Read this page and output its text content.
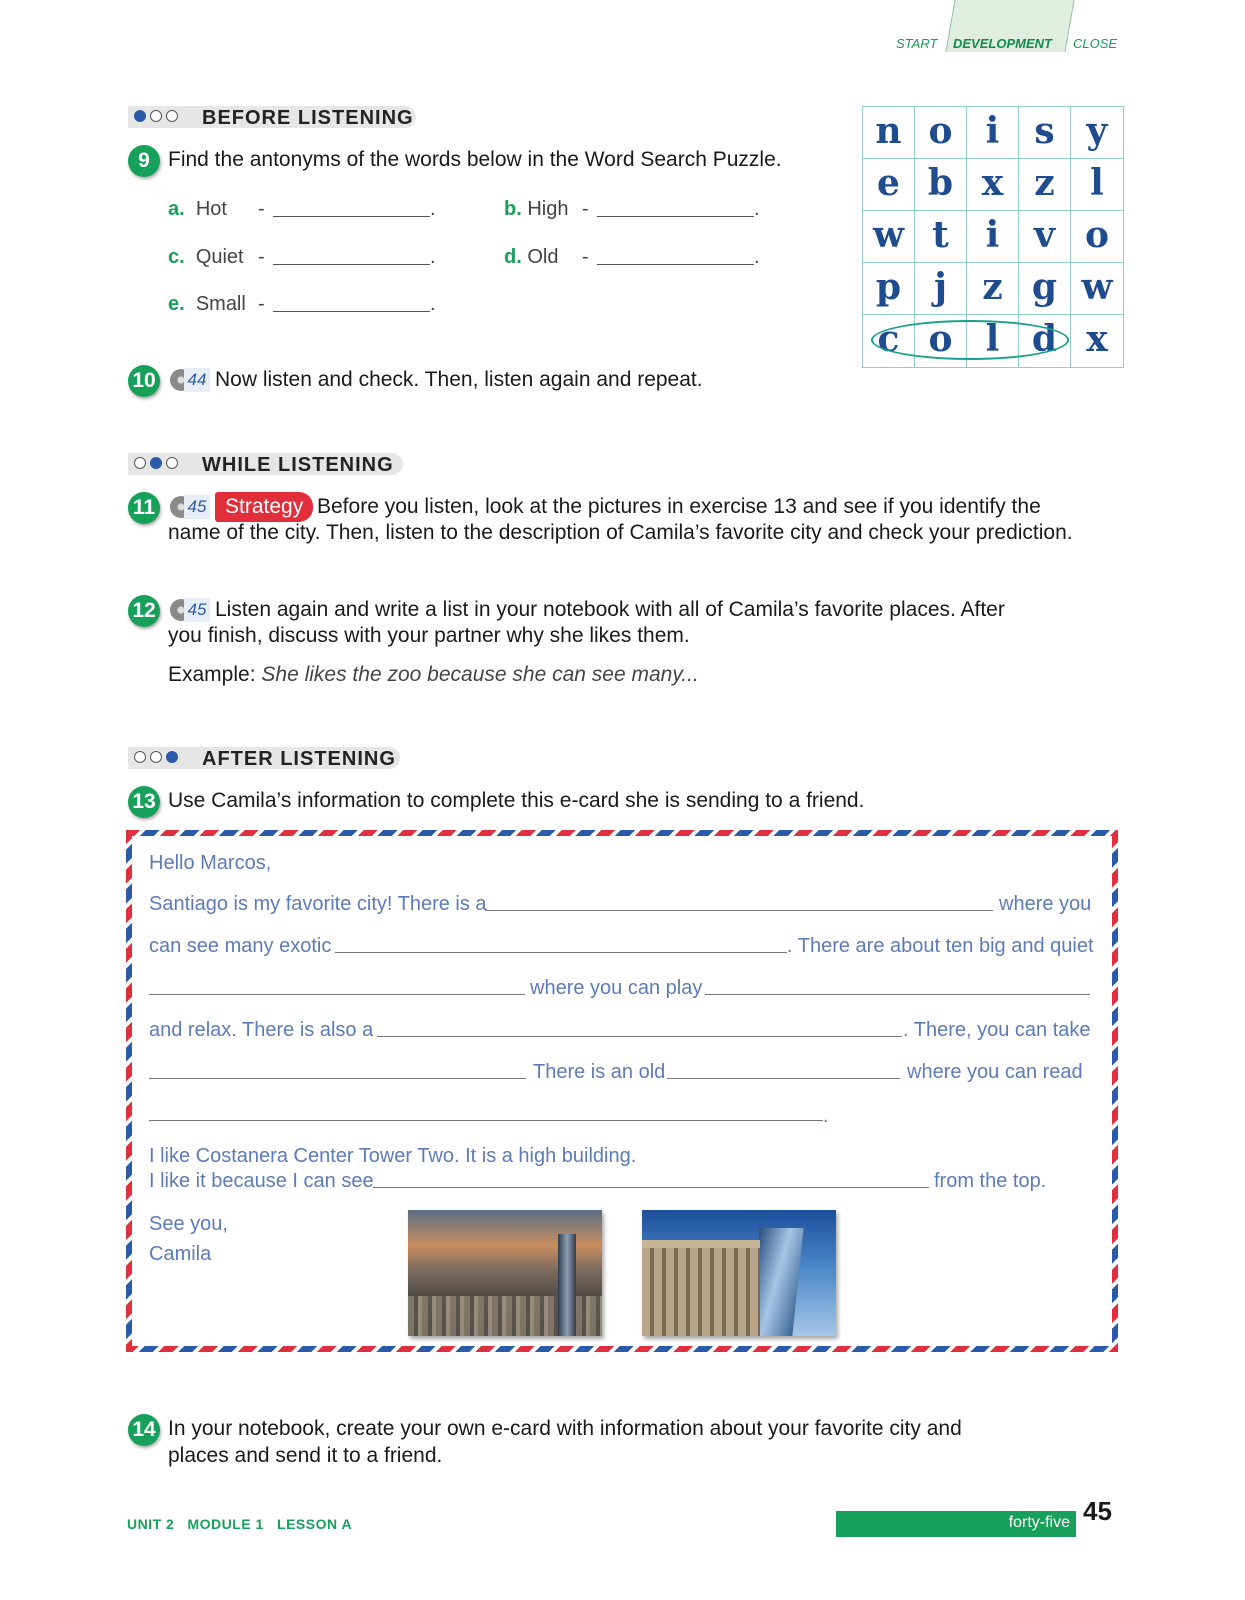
START DEVELOPMENT CLOSE
BEFORE LISTENING
9 Find the antonyms of the words below in the Word Search Puzzle.
a. Hot -	.	b. High -	.
c. Quiet -	.	d. Old -	.
e. Small -	.
n o i s y
e b x z l
w t	i v o
p j z g w
c o l d x
10 44 Now listen and check. Then, listen again and repeat.
WHILE LISTENING
11 45 Strategy Before you listen, look at the pictures in exercise 13 and see if you identify the
name of the city. Then, listen to the description of Camila’s favorite city and check your prediction.
12 45 Listen again and write a list in your notebook with all of Camila’s favorite places. After
you finish, discuss with your partner why she likes them.
Example: She likes the zoo because she can see many...
AFTER LISTENING
13 Use Camila’s information to complete this e-card she is sending to a friend.
Hello Marcos,
Santiago is my favorite city! There is a	where you
can see many exotic	. There are about ten big and quiet
where you can play
and relax. There is also a	. There, you can take
There is an old	where you can read
.
I like Costanera Center Tower Two. It is a high building.
I like it because I can see	from the top.
See you,
Camila
14 In your notebook, create your own e-card with information about your favorite city and
places and send it to a friend.
UNIT 2   MODULE 1   LESSON A	forty-five 45
